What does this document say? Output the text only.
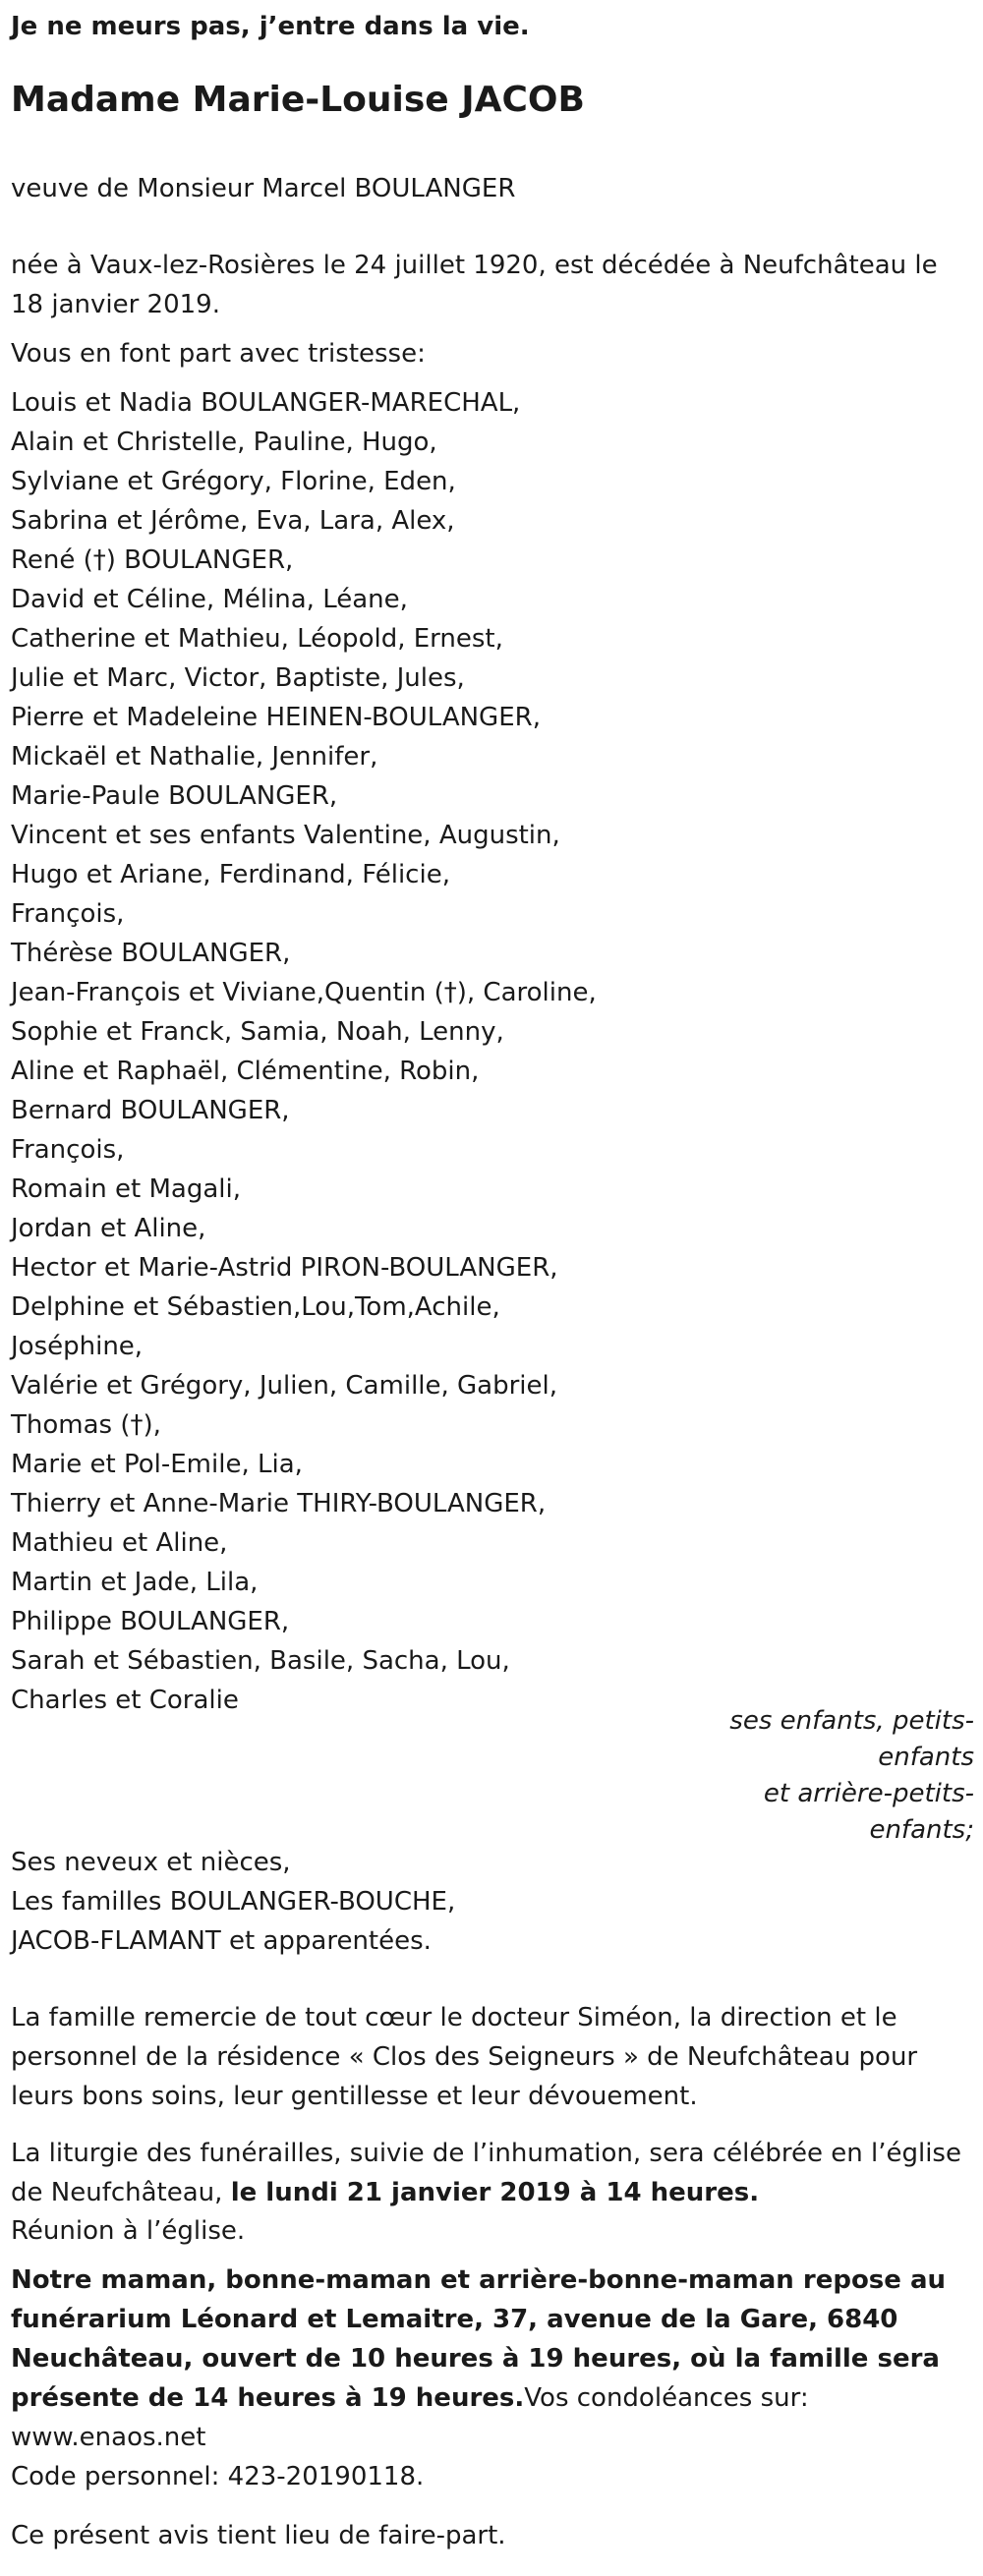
Je ne meurs pas, j’entre dans la vie.
Madame Marie-Louise JACOB

veuve de Monsieur Marcel BOULANGER

née à Vaux-lez-Rosières le 24 juillet 1920, est décédée à Neufchâteau le 18 janvier 2019.

Vous en font part avec tristesse:

Louis et Nadia BOULANGER-MARECHAL,
Alain et Christelle, Pauline, Hugo,
Sylviane et Grégory, Florine, Eden,
Sabrina et Jérôme, Eva, Lara, Alex,
René (†) BOULANGER,
David et Céline, Mélina, Léane,
Catherine et Mathieu, Léopold, Ernest,
Julie et Marc, Victor, Baptiste, Jules,
Pierre et Madeleine HEINEN-BOULANGER,
Mickaël et Nathalie, Jennifer,
Marie-Paule BOULANGER,
Vincent et ses enfants Valentine, Augustin,
Hugo et Ariane, Ferdinand, Félicie,
François,
Thérèse BOULANGER,
Jean-François et Viviane,Quentin (†), Caroline,
Sophie et Franck, Samia, Noah, Lenny,
Aline et Raphaël, Clémentine, Robin,
Bernard BOULANGER,
François,
Romain et Magali,
Jordan et Aline,
Hector et Marie-Astrid PIRON-BOULANGER,
Delphine et Sébastien,Lou,Tom,Achile,
Joséphine,
Valérie et Grégory, Julien, Camille, Gabriel,
Thomas (†),
Marie et Pol-Emile, Lia,
Thierry et Anne-Marie THIRY-BOULANGER,
Mathieu et Aline,
Martin et Jade, Lila,
Philippe BOULANGER,
Sarah et Sébastien, Basile, Sacha, Lou,
Charles et Coralie
ses enfants, petits-
enfants
et arrière-petits-
enfants;
Ses neveux et nièces,
Les familles BOULANGER-BOUCHE,
JACOB-FLAMANT et apparentées.

La famille remercie de tout cœur le docteur Siméon, la direction et le personnel de la résidence « Clos des Seigneurs » de Neufchâteau pour leurs bons soins, leur gentillesse et leur dévouement.

La liturgie des funérailles, suivie de l’inhumation, sera célébrée en l’église de Neufchâteau, le lundi 21 janvier 2019 à 14 heures.

Réunion à l’église.

Notre maman, bonne-maman et arrière-bonne-maman repose au funérarium Léonard et Lemaitre, 37, avenue de la Gare, 6840 Neuchâteau, ouvert de 10 heures à 19 heures, où la famille sera présente de 14 heures à 19 heures.Vos condoléances sur: www.enaos.net

Code personnel: 423-20190118.

Ce présent avis tient lieu de faire-part.
